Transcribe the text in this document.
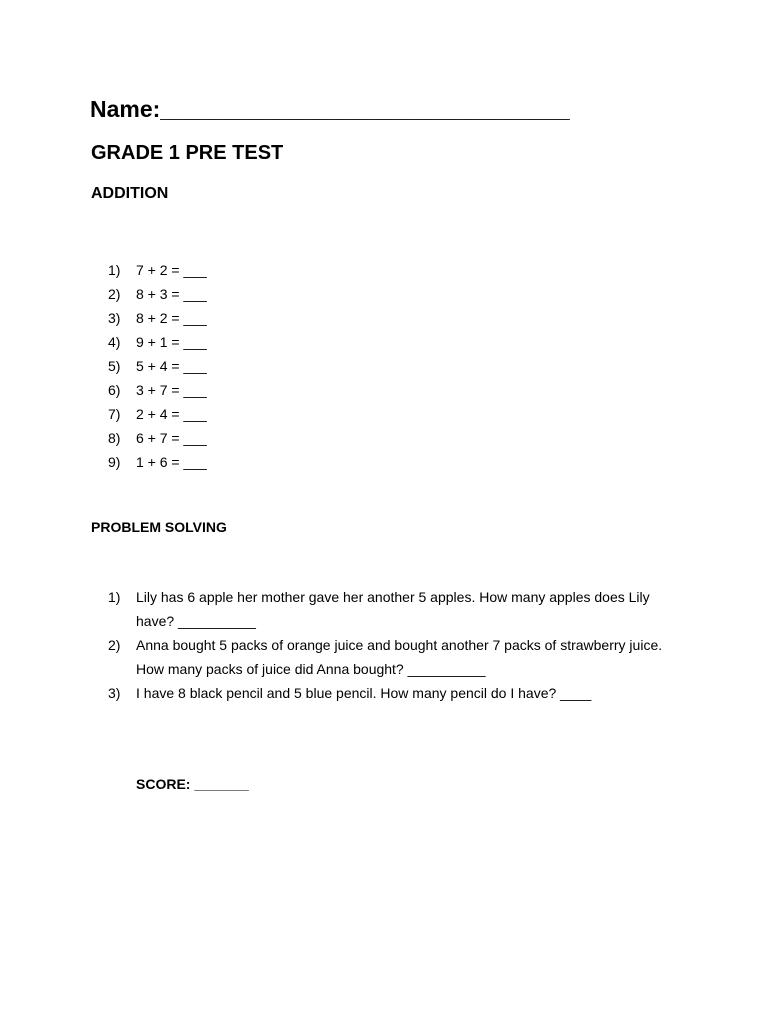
Name:________________________________
GRADE 1 PRE TEST
ADDITION
1) 7 + 2 = ___
2) 8 + 3 = ___
3) 8 + 2 = ___
4) 9 + 1 = ___
5) 5 + 4 = ___
6) 3 + 7 = ___
7) 2 + 4 = ___
8) 6 + 7 = ___
9) 1 + 6 = ___
PROBLEM SOLVING
1)	Lily has 6 apple her mother gave her another 5 apples. How many apples does Lily have? __________
2)	Anna bought 5 packs of orange juice and bought another 7 packs of strawberry juice. How many packs of juice did Anna bought? __________
3)	I have 8 black pencil and 5 blue pencil. How many pencil do I have? ____
SCORE: _______
